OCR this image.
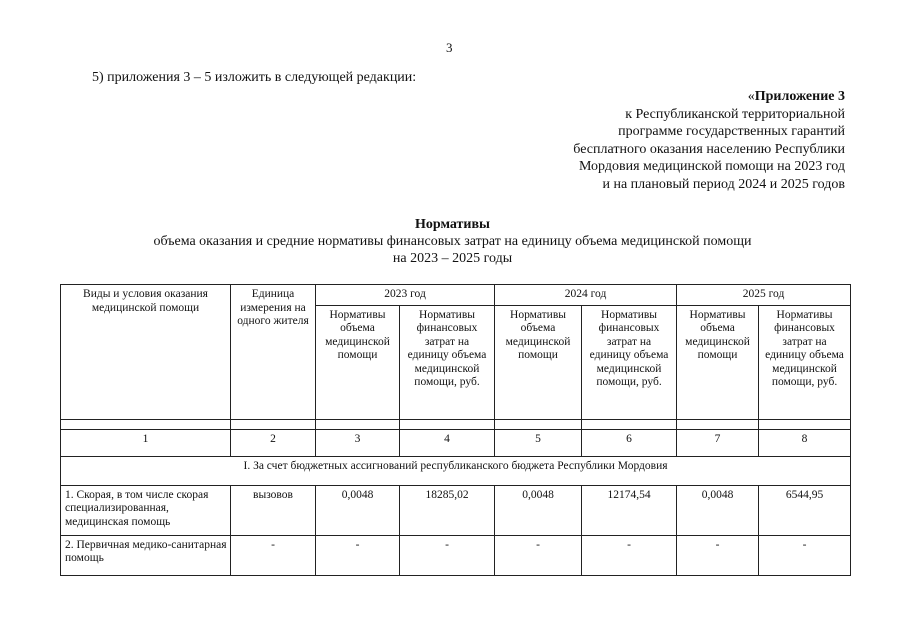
3
5) приложения 3 – 5 изложить в следующей редакции:
«Приложение 3
к Республиканской территориальной
программе государственных гарантий
бесплатного оказания населению Республики
Мордовия медицинской помощи на 2023 год
и на плановый период 2024 и 2025 годов
Нормативы
объема оказания и средние нормативы финансовых затрат на единицу объема медицинской помощи
на 2023 – 2025 годы
Виды и условия оказания медицинской помощи	Единица измерения на одного жителя	2023 год		2024 год		2025 год	
		Нормативы объема медицинской помощи	Нормативы финансовых затрат на единицу объема медицинской помощи, руб.	Нормативы объема медицинской помощи	Нормативы финансовых затрат на единицу объема медицинской помощи, руб.	Нормативы объема медицинской помощи	Нормативы финансовых затрат на единицу объема медицинской помощи, руб.

1	2	3	4	5	6	7	8
I. За счет бюджетных ассигнований республиканского бюджета Республики Мордовия							
1. Скорая, в том числе скорая специализированная, медицинская помощь	вызовов	0,0048	18285,02	0,0048	12174,54	0,0048	6544,95
2. Первичная медико-санитарная помощь	-	-	-	-	-	-	-
